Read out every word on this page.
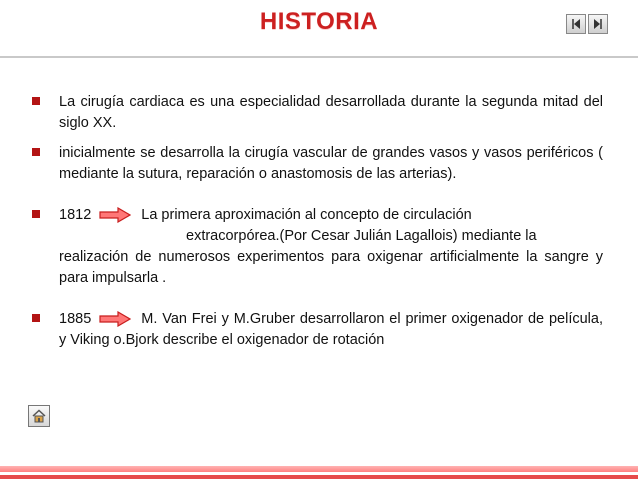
HISTORIA
La cirugía cardiaca es una especialidad desarrollada durante la segunda mitad del siglo XX.
inicialmente se desarrolla la cirugía vascular de grandes vasos y vasos periféricos ( mediante la sutura, reparación o anastomosis de las arterias).
1812	La primera aproximación al concepto de circulación
extracorpórea.(Por Cesar Julián Lagallois) mediante la
realización de numerosos experimentos para oxigenar artificialmente la sangre y para impulsarla .
1885	M. Van Frei y M.Gruber desarrollaron el primer oxigenador de película, y Viking o.Bjork describe el oxigenador de rotación
